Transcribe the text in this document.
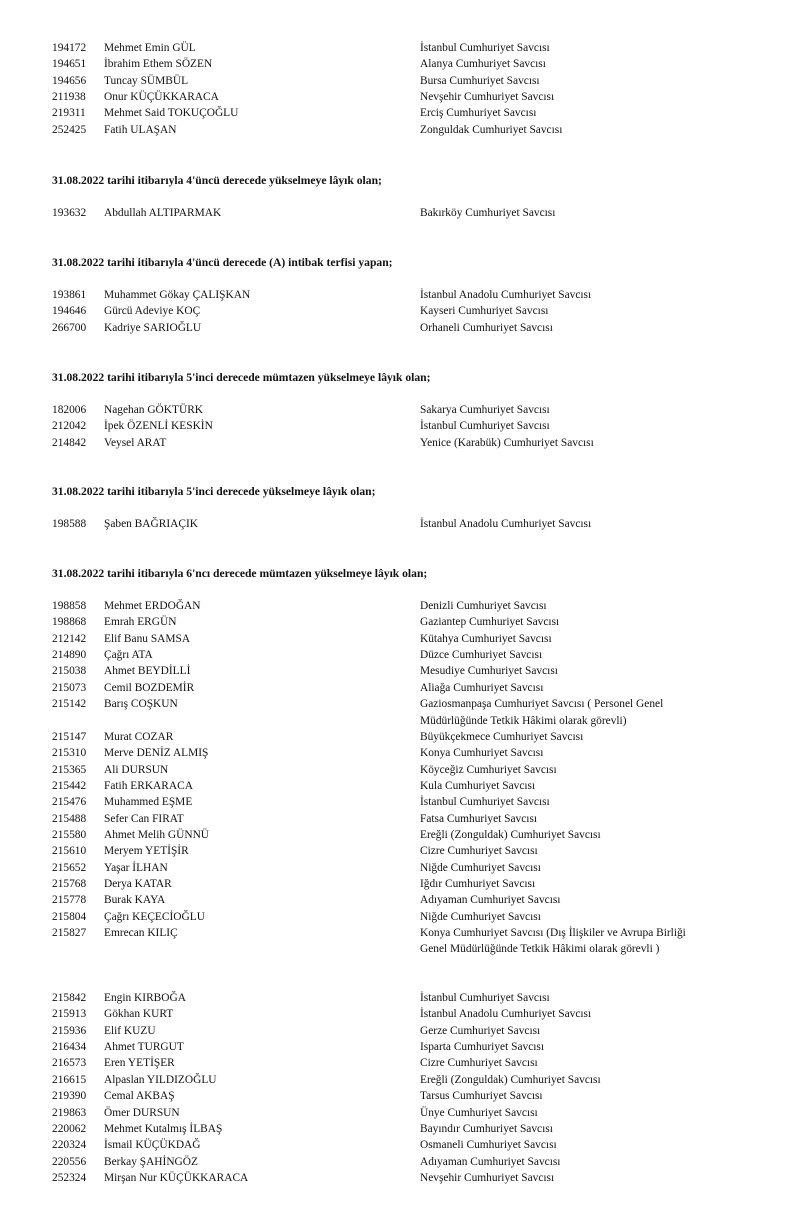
194172 Mehmet Emin GÜL	İstanbul Cumhuriyet Savcısı
194651 İbrahim Ethem SÖZEN	Alanya Cumhuriyet Savcısı
194656 Tuncay SÜMBÜL	Bursa Cumhuriyet Savcısı
211938 Onur KÜÇÜKKARACA	Nevşehir Cumhuriyet Savcısı
219311 Mehmet Said TOKUÇOĞLU	Erciş Cumhuriyet Savcısı
252425 Fatih ULAŞAN	Zonguldak Cumhuriyet Savcısı
31.08.2022 tarihi itibarıyla 4'üncü derecede yükselmeye lâyık olan;
193632 Abdullah ALTIPARMAK	Bakırköy Cumhuriyet Savcısı
31.08.2022 tarihi itibarıyla 4'üncü derecede (A) intibak terfisi yapan;
193861 Muhammet Gökay ÇALIŞKAN	İstanbul Anadolu Cumhuriyet Savcısı
194646 Gürcü Adeviye KOÇ	Kayseri Cumhuriyet Savcısı
266700 Kadriye SARIOĞLU	Orhaneli Cumhuriyet Savcısı
31.08.2022 tarihi itibarıyla 5'inci derecede mümtazen yükselmeye lâyık olan;
182006 Nagehan GÖKTÜRK	Sakarya Cumhuriyet Savcısı
212042 İpek ÖZENLİ KESKİN	İstanbul Cumhuriyet Savcısı
214842 Veysel ARAT	Yenice (Karabük) Cumhuriyet Savcısı
31.08.2022 tarihi itibarıyla 5'inci derecede yükselmeye lâyık olan;
198588 Şaben BAĞRIAÇIK	İstanbul Anadolu Cumhuriyet Savcısı
31.08.2022 tarihi itibarıyla 6'ncı derecede mümtazen yükselmeye lâyık olan;
198858 Mehmet ERDOĞAN	Denizli Cumhuriyet Savcısı
198868 Emrah ERGÜN	Gaziantep Cumhuriyet Savcısı
212142 Elif Banu SAMSA	Kütahya Cumhuriyet Savcısı
214890 Çağrı ATA	Düzce Cumhuriyet Savcısı
215038 Ahmet BEYDİLLİ	Mesudiye Cumhuriyet Savcısı
215073 Cemil BOZDEMİR	Aliağa Cumhuriyet Savcısı
215142 Barış COŞKUN	Gaziosmanpaşa Cumhuriyet Savcısı ( Personel Genel
Müdürlüğünde Tetkik Hâkimi olarak görevli)
215147 Murat COZAR	Büyükçekmece Cumhuriyet Savcısı
215310 Merve DENİZ ALMIŞ	Konya Cumhuriyet Savcısı
215365 Ali DURSUN	Köyceğiz Cumhuriyet Savcısı
215442 Fatih ERKARACA	Kula Cumhuriyet Savcısı
215476 Muhammed EŞME	İstanbul Cumhuriyet Savcısı
215488 Sefer Can FIRAT	Fatsa Cumhuriyet Savcısı
215580 Ahmet Melih GÜNNÜ	Ereğli (Zonguldak) Cumhuriyet Savcısı
215610 Meryem YETİŞİR	Cizre Cumhuriyet Savcısı
215652 Yaşar İLHAN	Niğde Cumhuriyet Savcısı
215768 Derya KATAR	Iğdır Cumhuriyet Savcısı
215778 Burak KAYA	Adıyaman Cumhuriyet Savcısı
215804 Çağrı KEÇECİOĞLU	Niğde Cumhuriyet Savcısı
215827 Emrecan KILIÇ	Konya Cumhuriyet Savcısı (Dış İlişkiler ve Avrupa Birliği
Genel Müdürlüğünde Tetkik Hâkimi olarak görevli )
215842 Engin KIRBOĞA	İstanbul Cumhuriyet Savcısı
215913 Gökhan KURT	İstanbul Anadolu Cumhuriyet Savcısı
215936 Elif KUZU	Gerze Cumhuriyet Savcısı
216434 Ahmet TURGUT	Isparta Cumhuriyet Savcısı
216573 Eren YETİŞER	Cizre Cumhuriyet Savcısı
216615 Alpaslan YILDIZOĞLU	Ereğli (Zonguldak) Cumhuriyet Savcısı
219390 Cemal AKBAŞ	Tarsus Cumhuriyet Savcısı
219863 Ömer DURSUN	Ünye Cumhuriyet Savcısı
220062 Mehmet Kutalmış İLBAŞ	Bayındır Cumhuriyet Savcısı
220324 İsmail KÜÇÜKDAĞ	Osmaneli Cumhuriyet Savcısı
220556 Berkay ŞAHİNGÖZ	Adıyaman Cumhuriyet Savcısı
252324 Mirşan Nur KÜÇÜKKARACA	Nevşehir Cumhuriyet Savcısı
